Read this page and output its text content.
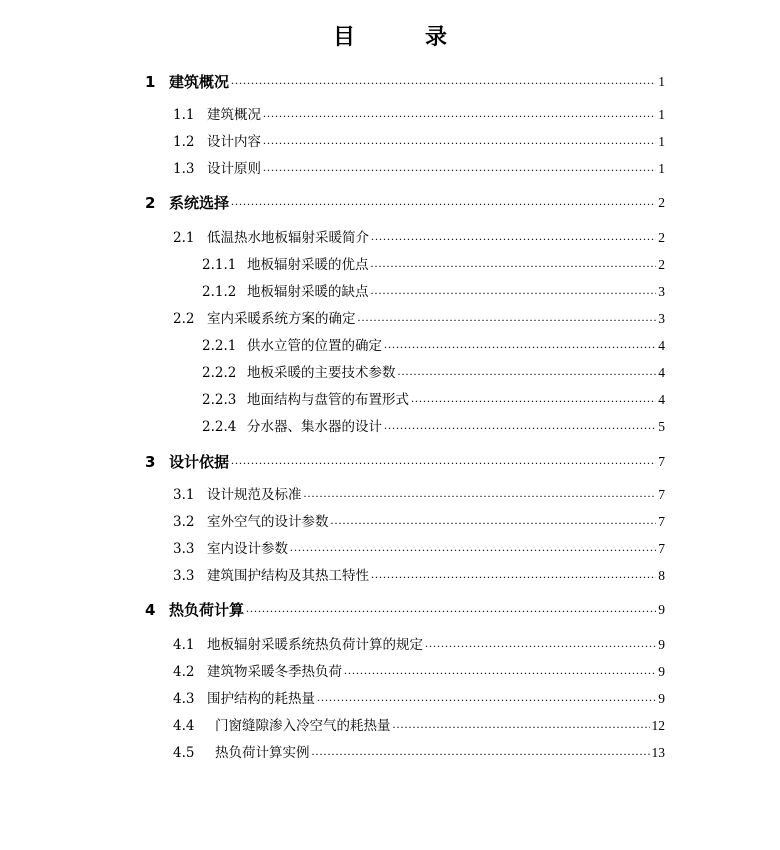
目　录
1 建筑概况 .....	1
1.1 建筑概况 .....	1
1.2 设计内容 .....	1
1.3 设计原则 .....	1
2 系统选择 .....	2
2.1 低温热水地板辐射采暖简介 .....	2
2.1.1 地板辐射采暖的优点 .....	2
2.1.2 地板辐射采暖的缺点 .....	3
2.2 室内采暖系统方案的确定 .....	3
2.2.1 供水立管的位置的确定 .....	4
2.2.2 地板采暖的主要技术参数 .....	4
2.2.3 地面结构与盘管的布置形式 .....	4
2.2.4 分水器、集水器的设计 .....	5
3 设计依据 .....	7
3.1 设计规范及标准 .....	7
3.2 室外空气的设计参数 .....	7
3.3 室内设计参数 .....	7
3.3 建筑围护结构及其热工特性 .....	8
4 热负荷计算 .....	9
4.1 地板辐射采暖系统热负荷计算的规定 .....	9
4.2 建筑物采暖冬季热负荷 .....	9
4.3 围护结构的耗热量 .....	9
4.4	门窗缝隙渗入冷空气的耗热量 .....	12
4.5	热负荷计算实例 .....	13
